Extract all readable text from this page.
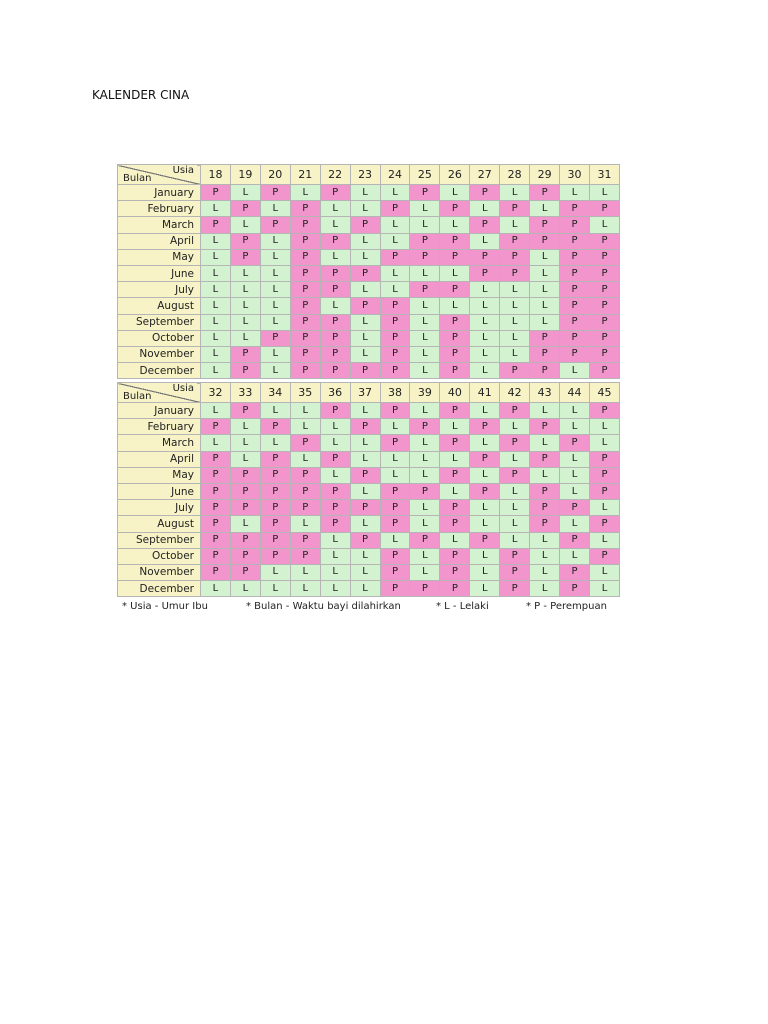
KALENDER CINA
Usia
Bulan	18	19	20	21	22	23	24	25	26	27	28	29	30	31
January	P	L	P	L	P	L	L	P	L	P	L	P	L	L
February	L	P	L	P	L	L	P	L	P	L	P	L	P	P
March	P	L	P	P	L	P	L	L	L	P	L	P	P	L
April	L	P	L	P	P	L	L	P	P	L	P	P	P	P
May	L	P	L	P	L	L	P	P	P	P	P	L	P	P
June	L	L	L	P	P	P	L	L	L	P	P	L	P	P
July	L	L	L	P	P	L	L	P	P	L	L	L	P	P
August	L	L	L	P	L	P	P	L	L	L	L	L	P	P
September	L	L	L	P	P	L	P	L	P	L	L	L	P	P
October	L	L	P	P	P	L	P	L	P	L	L	P	P	P
November	L	P	L	P	P	L	P	L	P	L	L	P	P	P
December	L	P	L	P	P	P	P	L	P	L	P	P	L	P
Usia
Bulan	32	33	34	35	36	37	38	39	40	41	42	43	44	45
January	L	P	L	L	P	L	P	L	P	L	P	L	L	P
February	P	L	P	L	L	P	L	P	L	P	L	P	L	L
March	L	L	L	P	L	L	P	L	P	L	P	L	P	L
April	P	L	P	L	P	L	L	L	L	P	L	P	L	P
May	P	P	P	P	L	P	L	L	P	L	P	L	L	P
June	P	P	P	P	P	L	P	P	L	P	L	P	L	P
July	P	P	P	P	P	P	P	L	P	L	L	P	P	L
August	P	L	P	L	P	L	P	L	P	L	L	P	L	P
September	P	P	P	P	L	P	L	P	L	P	L	L	P	L
October	P	P	P	P	L	L	P	L	P	L	P	L	L	P
November	P	P	L	L	L	L	P	L	P	L	P	L	P	L
December	L	L	L	L	L	L	P	P	P	L	P	L	P	L
* Usia - Umur Ibu	* Bulan - Waktu bayi dilahirkan	* L - Lelaki	* P - Perempuan
